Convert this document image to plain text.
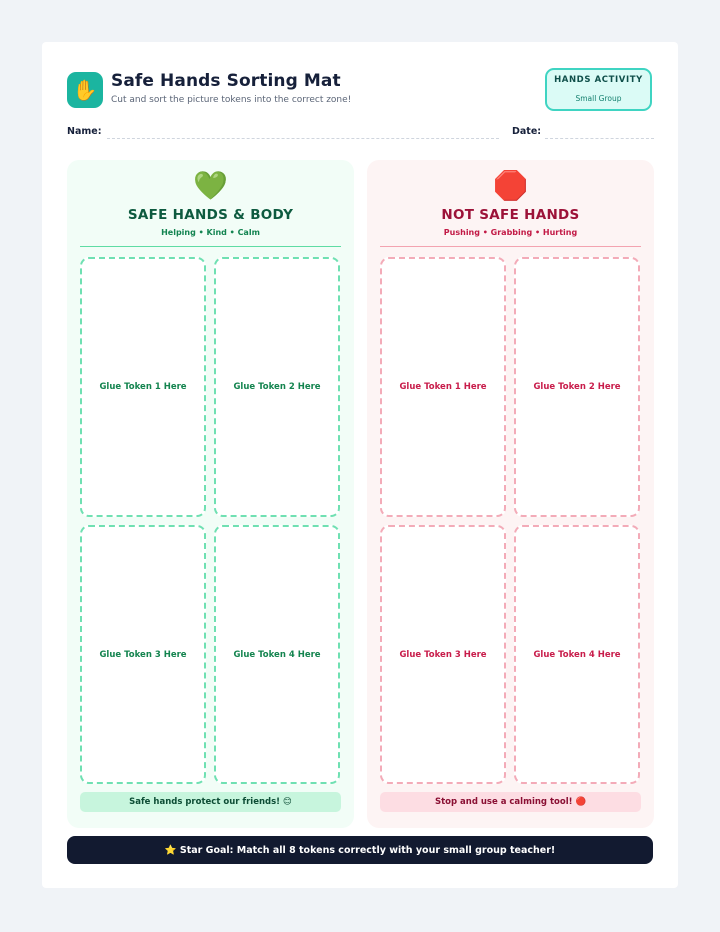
✋ Safe Hands Sorting Mat
Cut and sort the picture tokens into the correct zone!
HANDS ACTIVITY
Small Group
Name:	Date:
💚
SAFE HANDS & BODY
Helping • Kind • Calm
Glue Token 1 Here	Glue Token 2 Here
Glue Token 3 Here	Glue Token 4 Here
Safe hands protect our friends! 😊
🛑
NOT SAFE HANDS
Pushing • Grabbing • Hurting
Glue Token 1 Here	Glue Token 2 Here
Glue Token 3 Here	Glue Token 4 Here
Stop and use a calming tool! 🔴
⭐ Star Goal: Match all 8 tokens correctly with your small group teacher!
